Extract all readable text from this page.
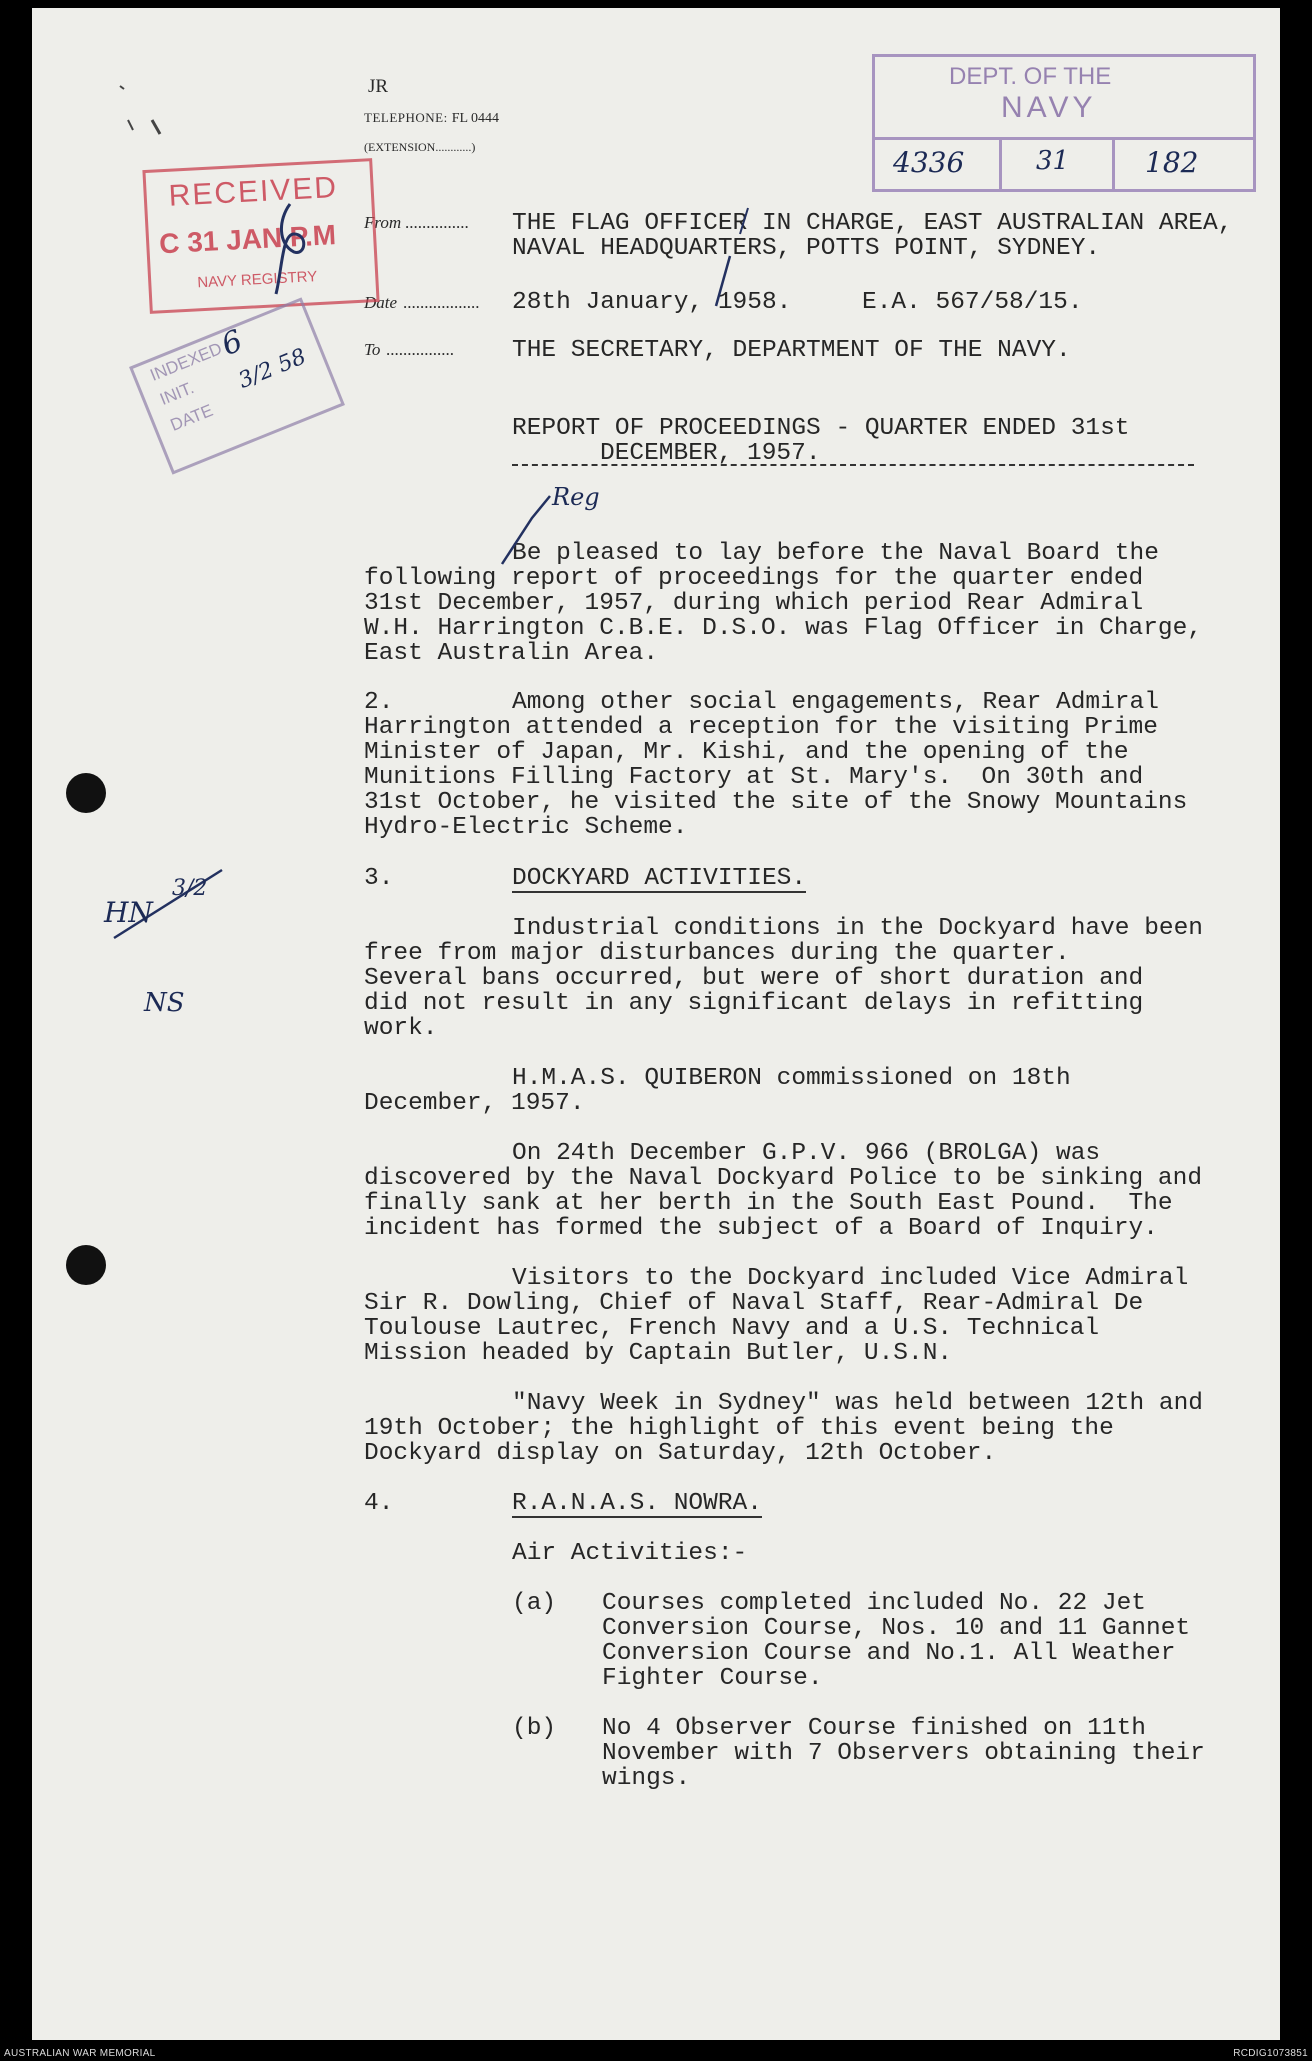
JR
TELEPHONE: FL 0444
(EXTENSION............)
From ............... THE FLAG OFFICER IN CHARGE, EAST AUSTRALIAN AREA,
NAVAL HEADQUARTERS, POTTS POINT, SYDNEY.
Date .................. 28th January, 1958.	E.A. 567/58/15.
To ................ THE SECRETARY, DEPARTMENT OF THE NAVY.
REPORT OF PROCEEDINGS - QUARTER ENDED 31st
DECEMBER, 1957.
Be pleased to lay before the Naval Board the
following report of proceedings for the quarter ended
31st December, 1957, during which period Rear Admiral
W.H. Harrington C.B.E. D.S.O. was Flag Officer in Charge,
East Australin Area.
2.	Among other social engagements, Rear Admiral
Harrington attended a reception for the visiting Prime
Minister of Japan, Mr. Kishi, and the opening of the
Munitions Filling Factory at St. Mary's.  On 30th and
31st October, he visited the site of the Snowy Mountains
Hydro-Electric Scheme.
3.	DOCKYARD ACTIVITIES.
Industrial conditions in the Dockyard have been
free from major disturbances during the quarter.
Several bans occurred, but were of short duration and
did not result in any significant delays in refitting
work.
H.M.A.S. QUIBERON commissioned on 18th
December, 1957.
On 24th December G.P.V. 966 (BROLGA) was
discovered by the Naval Dockyard Police to be sinking and
finally sank at her berth in the South East Pound.  The
incident has formed the subject of a Board of Inquiry.
Visitors to the Dockyard included Vice Admiral
Sir R. Dowling, Chief of Naval Staff, Rear-Admiral De
Toulouse Lautrec, French Navy and a U.S. Technical
Mission headed by Captain Butler, U.S.N.
"Navy Week in Sydney" was held between 12th and
19th October; the highlight of this event being the
Dockyard display on Saturday, 12th October.
4.	R.A.N.A.S. NOWRA.
Air Activities:-
(a) Courses completed included No. 22 Jet
Conversion Course, Nos. 10 and 11 Gannet
Conversion Course and No.1. All Weather
Fighter Course.
(b) No 4 Observer Course finished on 11th
November with 7 Observers obtaining their
wings.
RECEIVED
C 31 JAN P.M
NAVY REGISTRY
DEPT. OF THE
NAVY
4336	31	182
INDEXED
INIT.
DATE
6
3/2 58
Reg
HN
3/2
NS
AUSTRALIAN WAR MEMORIAL	RCDIG1073851
